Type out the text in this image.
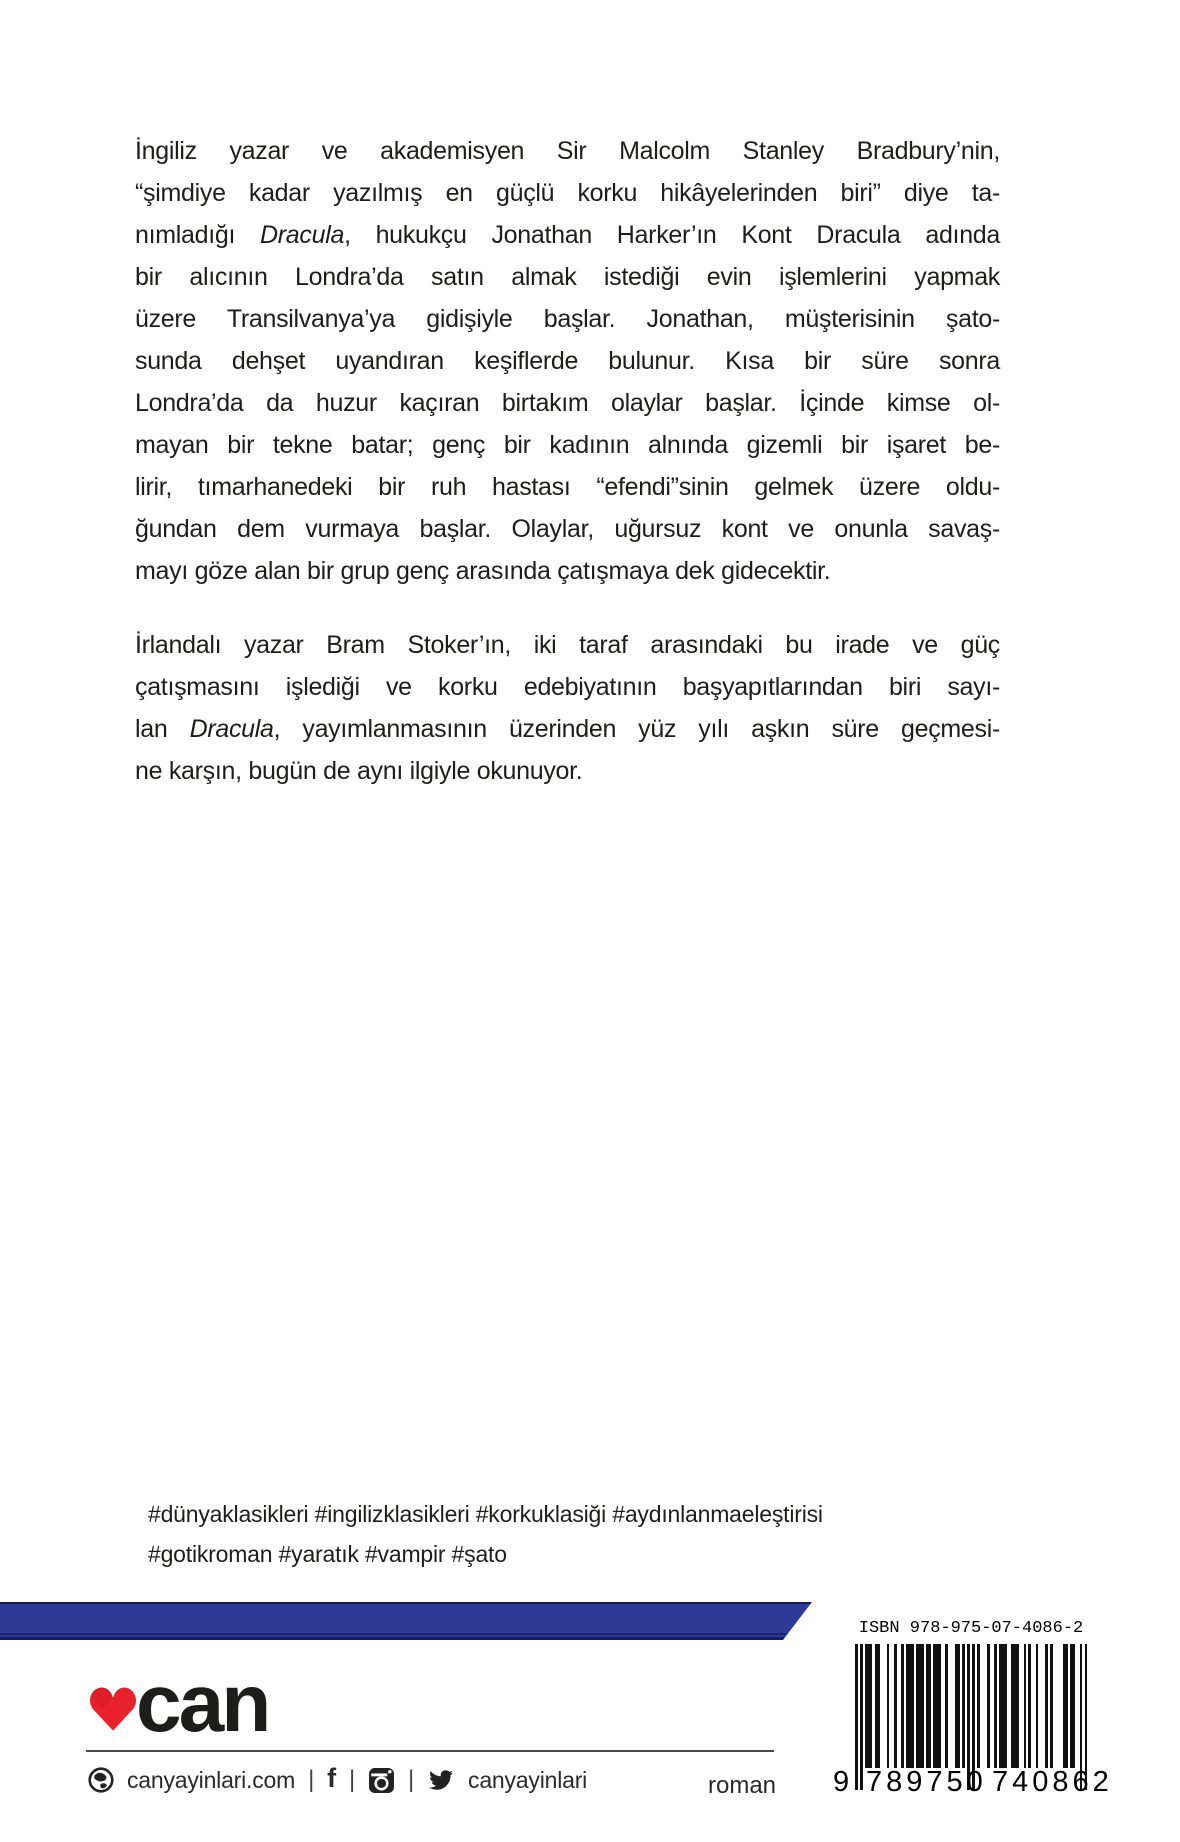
İngiliz yazar ve akademisyen Sir Malcolm Stanley Bradbury’nin,
“şimdiye kadar yazılmış en güçlü korku hikâyelerinden biri” diye ta-
nımladığı Dracula, hukukçu Jonathan Harker’ın Kont Dracula adında
bir alıcının Londra’da satın almak istediği evin işlemlerini yapmak
üzere Transilvanya’ya gidişiyle başlar. Jonathan, müşterisinin şato-
sunda dehşet uyandıran keşiflerde bulunur. Kısa bir süre sonra
Londra’da da huzur kaçıran birtakım olaylar başlar. İçinde kimse ol-
mayan bir tekne batar; genç bir kadının alnında gizemli bir işaret be-
lirir, tımarhanedeki bir ruh hastası “efendi”sinin gelmek üzere oldu-
ğundan dem vurmaya başlar. Olaylar, uğursuz kont ve onunla savaş-
mayı göze alan bir grup genç arasında çatışmaya dek gidecektir.
İrlandalı yazar Bram Stoker’ın, iki taraf arasındaki bu irade ve güç
çatışmasını işlediği ve korku edebiyatının başyapıtlarından biri sayı-
lan Dracula, yayımlanmasının üzerinden yüz yılı aşkın süre geçmesi-
ne karşın, bugün de aynı ilgiyle okunuyor.
#dünyaklasikleri #ingilizklasikleri #korkuklasiği #aydınlanmaeleştirisi
#gotikroman #yaratık #vampir #şato
can
canyayinlari.com | f | | canyayinlari	roman
ISBN 978-975-07-4086-2
9 789750 740862
